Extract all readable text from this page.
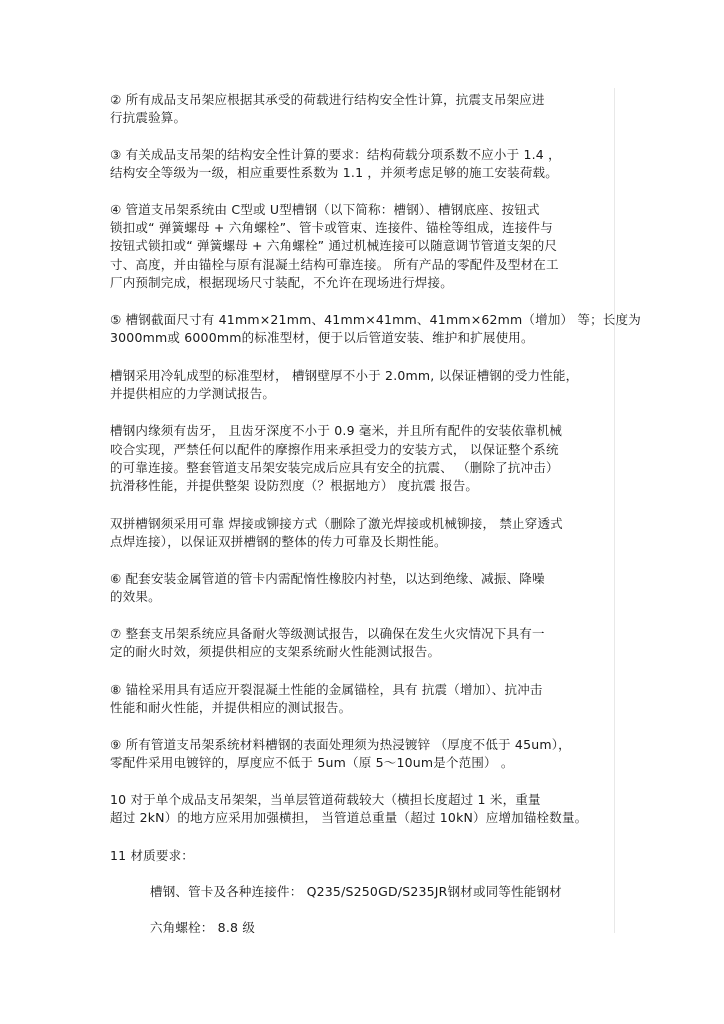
② 所有成品支吊架应根据其承受的荷载进行结构安全性计算，抗震支吊架应进
行抗震验算。
③ 有关成品支吊架的结构安全性计算的要求：结构荷载分项系数不应小于 1.4 ，
结构安全等级为一级，相应重要性系数为 1.1 ，并须考虑足够的施工安装荷载。
④ 管道支吊架系统由 C型或 U型槽钢（以下简称：槽钢）、槽钢底座、按钮式
锁扣或“ 弹簧螺母 + 六角螺栓”、管卡或管束、连接件、锚栓等组成，连接件与
按钮式锁扣或“ 弹簧螺母 + 六角螺栓” 通过机械连接可以随意调节管道支架的尺
寸、高度，并由锚栓与原有混凝土结构可靠连接。 所有产品的零配件及型材在工
厂内预制完成，根据现场尺寸装配，不允许在现场进行焊接。
⑤ 槽钢截面尺寸有 41mm×21mm、41mm×41mm、41mm×62mm（增加） 等；长度为
3000mm或 6000mm的标准型材，便于以后管道安装、维护和扩展使用。
槽钢采用冷轧成型的标准型材， 槽钢壁厚不小于 2.0mm, 以保证槽钢的受力性能，
并提供相应的力学测试报告。
槽钢内缘须有齿牙， 且齿牙深度不小于 0.9 毫米，并且所有配件的安装依靠机械
咬合实现，严禁任何以配件的摩擦作用来承担受力的安装方式， 以保证整个系统
的可靠连接。整套管道支吊架安装完成后应具有安全的抗震、 （删除了抗冲击）
抗滑移性能，并提供整架 设防烈度（？根据地方） 度抗震 报告。
双拼槽钢须采用可靠 焊接或铆接方式（删除了激光焊接或机械铆接， 禁止穿透式
点焊连接），以保证双拼槽钢的整体的传力可靠及长期性能。
⑥ 配套安装金属管道的管卡内需配惰性橡胶内衬垫，以达到绝缘、减振、降噪
的效果。
⑦ 整套支吊架系统应具备耐火等级测试报告，以确保在发生火灾情况下具有一
定的耐火时效，须提供相应的支架系统耐火性能测试报告。
⑧ 锚栓采用具有适应开裂混凝土性能的金属锚栓，具有 抗震（增加）、抗冲击
性能和耐火性能，并提供相应的测试报告。
⑨ 所有管道支吊架系统材料槽钢的表面处理须为热浸镀锌 （厚度不低于 45um），
零配件采用电镀锌的，厚度应不低于 5um（原 5～10um是个范围） 。
10 对于单个成品支吊架架，当单层管道荷载较大（横担长度超过 1 米，重量
超过 2kN）的地方应采用加强横担， 当管道总重量（超过 10kN）应增加锚栓数量。
11 材质要求：
槽钢、管卡及各种连接件： Q235/S250GD/S235JR钢材或同等性能钢材
六角螺栓： 8.8 级
